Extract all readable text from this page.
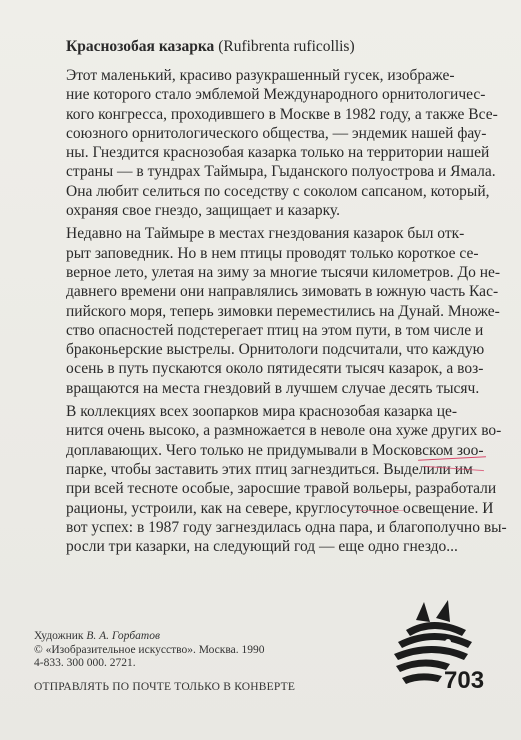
Краснозобая казарка (Rufibrenta ruficollis)
Этот маленький, красиво разукрашенный гусек, изображе-
ние которого стало эмблемой Международного орнитологичес-
кого конгресса, проходившего в Москве в 1982 году, а также Все-
союзного орнитологического общества, — эндемик нашей фау-
ны. Гнездится краснозобая казарка только на территории нашей
страны — в тундрах Таймыра, Гыданского полуострова и Ямала.
Она любит селиться по соседству с соколом сапсаном, который,
охраняя свое гнездо, защищает и казарку.
Недавно на Таймыре в местах гнездования казарок был отк-
рыт заповедник. Но в нем птицы проводят только короткое се-
верное лето, улетая на зиму за многие тысячи километров. До не-
давнего времени они направлялись зимовать в южную часть Кас-
пийского моря, теперь зимовки переместились на Дунай. Множе-
ство опасностей подстерегает птиц на этом пути, в том числе и
браконьерские выстрелы. Орнитологи подсчитали, что каждую
осень в путь пускаются около пятидесяти тысяч казарок, а воз-
вращаются на места гнездовий в лучшем случае десять тысяч.
В коллекциях всех зоопарков мира краснозобая казарка це-
нится очень высоко, а размножается в неволе она хуже других во-
доплавающих. Чего только не придумывали в Московском зоо-
парке, чтобы заставить этих птиц загнездиться. Выделили им
при всей тесноте особые, заросшие травой вольеры, разработали
рационы, устроили, как на севере, круглосуточное освещение. И
вот успех: в 1987 году загнездилась одна пара, и благополучно вы-
росли три казарки, на следующий год — еще одно гнездо...
Художник В. А. Горбатов
© «Изобразительное искусство». Москва. 1990
4-833. 300 000. 2721.
ОТПРАВЛЯТЬ ПО ПОЧТЕ ТОЛЬКО В КОНВЕРТЕ	703
